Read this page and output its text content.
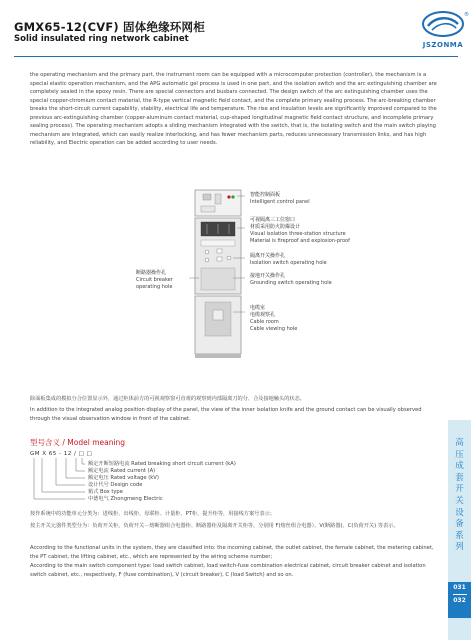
GMX65-12(CVF) 固体绝缘环网柜
Solid insulated ring network cabinet
®
JSZONMA
the operating mechanism and the primary part, the instrument room can be equipped with a microcomputer protection (controller), the mechanism is a special elastic operation mechanism, and the APG automatic gel process is used in one part, and the isolation switch and the arc extinguishing chamber are completely sealed in the epoxy resin. There are special connectors and busbars connected. The design switch of the arc extinguishing chamber uses the special copper-chromium contact material, the R-type vertical magnetic field contact, and the complete primary sealing process. The arc-breaking chamber breaks the short-circuit current capability, stability, electrical life and temperature. The rise and insulation levels are significantly improved compared to the previous arc-extinguishing chamber (copper-aluminum contact material, cup-shaped longitudinal magnetic field contact structure, and incomplete primary sealing process). The operating mechanism adopts a sliding mechanism integrated with the switch, that is, the isolating switch and the main switch playing mechanism are integrated, which can easily realize interlocking, and has fewer mechanism parts, reduces unnecessary transmission links, and has high reliability, and Electric operation can be added according to user needs.
智能控制面板
Intelligent control panel
可视隔离三工位窗口
材质采用防火防爆设计
Visual isolation three-station structure
Material is fireproof and explosion-proof
隔离开关操作孔
Isolation switch operating hole
接地开关操作孔
Grounding switch operating hole
电缆室
电缆观察孔
Cable room
Cable viewing hole
断路器操作孔
Circuit breaker
operating hole
除面板集成的模拟分合位置显示外，通过柜体前方的可视观察窗可直观的观察到内部隔离刀的分、合及接地触头的状态。
In addition to the integrated analog position display of the panel, the view of the inner isolation knife and the ground contact can be visually observed through the visual observation window in front of the cabinet.
型号含义 / Model meaning
GM X 65 - 12 / □ □
额定开断短路电流 Rated breaking short circuit current (kA)
额定电流 Rated current (A)
额定电压 Rated voltage (kV)
设计代号 Design code
箱式 Box type
中德电气 Zhongmeng Electric
按作系统中的功能单元分类为：进线柜、出线柜、母联柜、计量柜、PT柜、提升柜等，用接线方案号表示；
按主开关元器件类型分为：负荷开关柜，负荷开关－熔断器组合电器柜、断路器柜及隔离开关柜等，分别用 F(熔丝组合电器）、V(断路器)、C(负荷开关) 等表示。
According to the functional units in the system, they are classified into: the incoming cabinet, the outlet cabinet, the female cabinet, the metering cabinet, the PT cabinet, the lifting cabinet, etc., which are represented by the wiring scheme number;
According to the main switch component type: load switch cabinet, load switch-fuse combination electrical cabinet, circuit breaker cabinet and isolation switch cabinet, etc., respectively, F (fuse combination), V (circuit breaker), C (load Switch) and so on.
高
压
成
套
开
关
设
备
系
列
031
032
